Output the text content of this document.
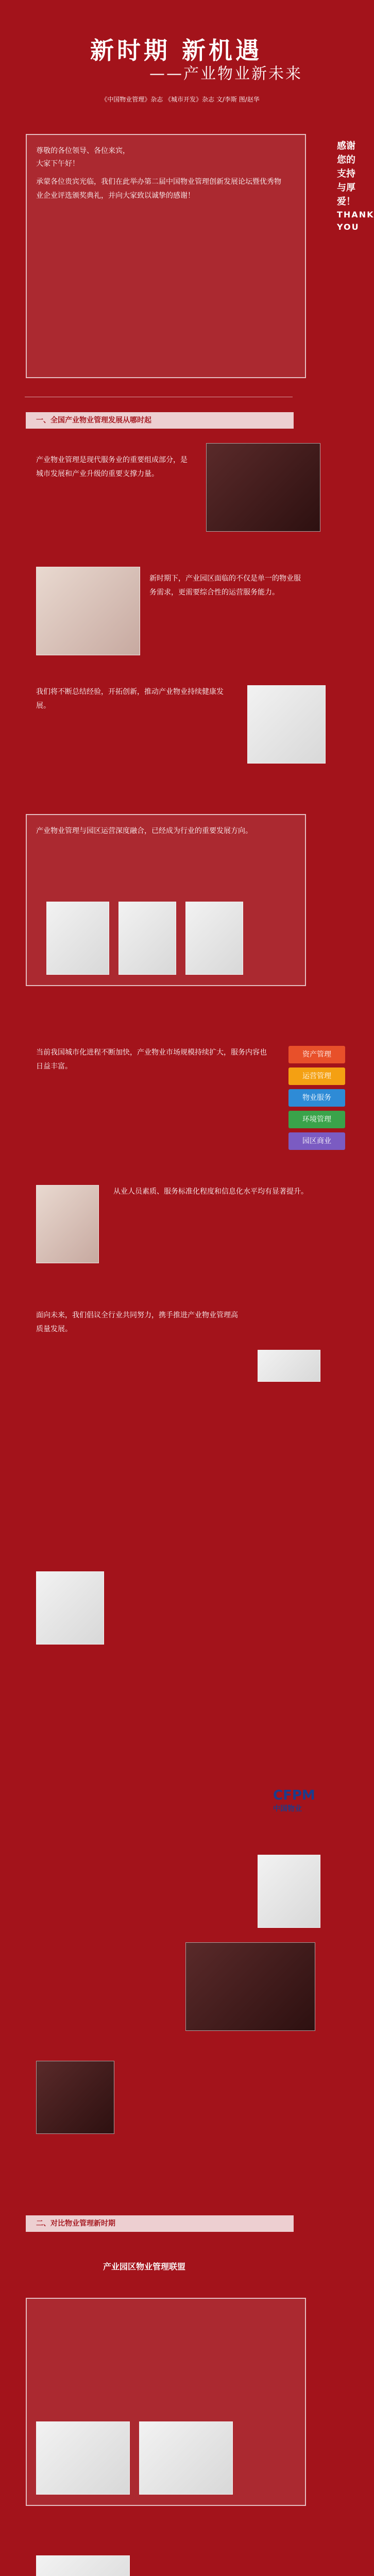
新时期 新机遇
——产业物业新未来
感谢您的支持与厚爱！
THANK YOU
《中国物业管理》杂志 《城市开发》杂志 文/李斯 图/赵华
尊敬的各位领导、各位来宾，
大家下午好！
承蒙各位贵宾光临，我们在此举办第二届中国物业管理创新发展论坛暨优秀物业企业评选颁奖典礼，并向大家致以诚挚的感谢！
一、全国产业物业管理发展从哪时起
产业物业管理是现代服务业的重要组成部分，是城市发展和产业升级的重要支撑力量。
新时期下，产业园区面临的不仅是单一的物业服务需求，更需要综合性的运营服务能力。
我们将不断总结经验，开拓创新，推动产业物业持续健康发展。
产业物业管理与园区运营深度融合，已经成为行业的重要发展方向。
当前我国城市化进程不断加快，产业物业市场规模持续扩大，服务内容也日益丰富。
资产管理
运营管理
物业服务
环境管理
园区商业
从业人员素质、服务标准化程度和信息化水平均有显著提升。
面向未来，我们倡议全行业共同努力，携手推进产业物业管理高质量发展。
二、对比物业管理新时期
产业园区物业管理联盟
CFPM
中国物业
